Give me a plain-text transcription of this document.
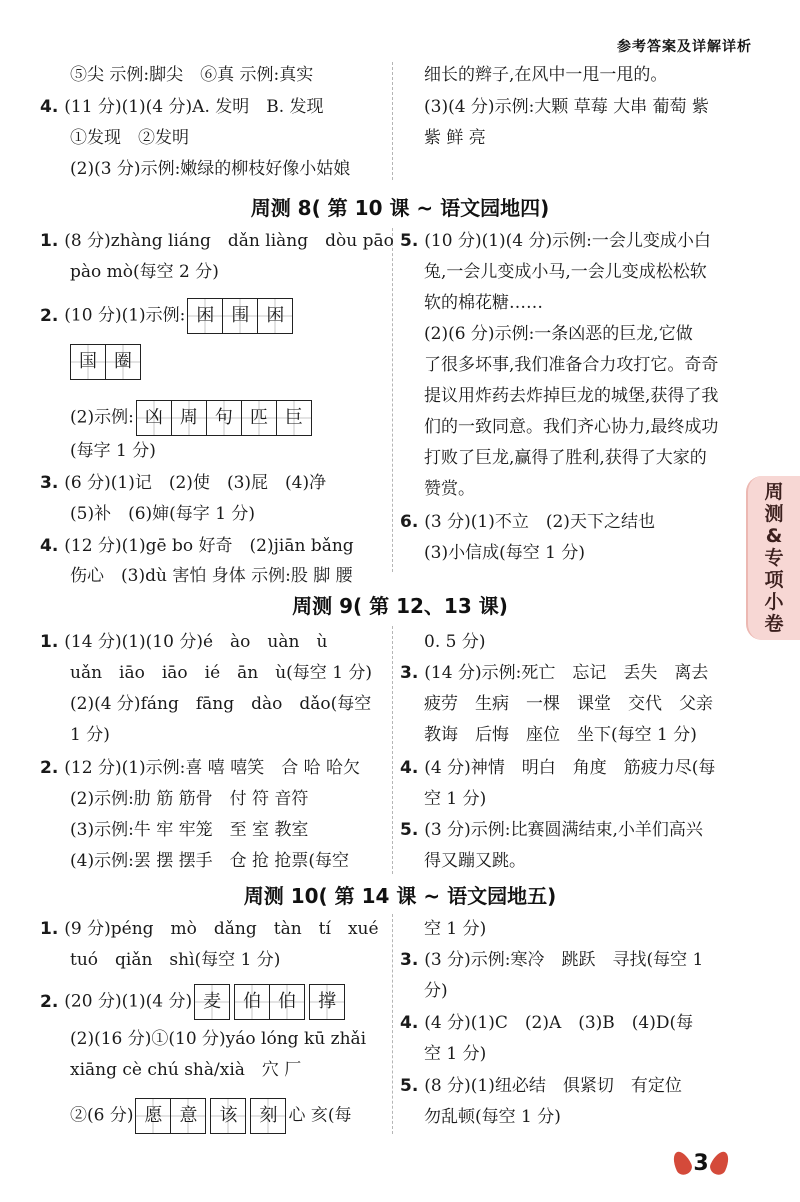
参考答案及详解详析
周
测
&
专
项
小
卷
⑤尖 示例:脚尖　⑥真 示例:真实
4. (11 分)(1)(4 分)A. 发明　B. 发现
①发现　②发明
(2)(3 分)示例:嫩绿的柳枝好像小姑娘
细长的辫子,在风中一甩一甩的。
(3)(4 分)示例:大颗 草莓 大串 葡萄 紫
紫 鲜 亮
周测 8( 第 10 课 ~ 语文园地四)
1. (8 分)zhàng liáng　dǎn liàng　dòu pāo
pào mò(每空 2 分)
2. (10 分)(1)示例: 困 围 困
国 圈
(2)示例: 凶 周 句 匹 巨
(每字 1 分)
3. (6 分)(1)记　(2)使　(3)屁　(4)净
(5)补　(6)婶(每字 1 分)
4. (12 分)(1)gē bo 好奇　(2)jiān bǎng
伤心　(3)dù 害怕 身体 示例:股 脚 腰
5. (10 分)(1)(4 分)示例:一会儿变成小白
兔,一会儿变成小马,一会儿变成松松软
软的棉花糖……
(2)(6 分)示例:一条凶恶的巨龙,它做
了很多坏事,我们准备合力攻打它。奇奇
提议用炸药去炸掉巨龙的城堡,获得了我
们的一致同意。我们齐心协力,最终成功
打败了巨龙,赢得了胜利,获得了大家的
赞赏。
6. (3 分)(1)不立　(2)天下之结也
(3)小信成(每空 1 分)
周测 9( 第 12、13 课)
1. (14 分)(1)(10 分)é　ào　uàn　ù
uǎn　iāo　iāo　ié　ān　ù(每空 1 分)
(2)(4 分)fáng　fāng　dào　dǎo(每空
1 分)
2. (12 分)(1)示例:喜 嘻 嘻笑　合 哈 哈欠
(2)示例:肋 筋 筋骨　付 符 音符
(3)示例:牛 牢 牢笼　至 室 教室
(4)示例:罢 摆 摆手　仓 抢 抢票(每空
0. 5 分)
3. (14 分)示例:死亡　忘记　丢失　离去
疲劳　生病　一棵　课堂　交代　父亲
教诲　后悔　座位　坐下(每空 1 分)
4. (4 分)神情　明白　角度　筋疲力尽(每
空 1 分)
5. (3 分)示例:比赛圆满结束,小羊们高兴
得又蹦又跳。
周测 10( 第 14 课 ~ 语文园地五)
1. (9 分)péng　mò　dǎng　tàn　tí　xué
tuó　qiǎn　shì(每空 1 分)
2. (20 分)(1)(4 分) 麦	伯 伯	撑
(2)(16 分)①(10 分)yáo lóng kū zhǎi
xiāng cè chú shà/xià　穴 厂
②(6 分) 愿 意	该	刻 心 亥(每
空 1 分)
3. (3 分)示例:寒冷　跳跃　寻找(每空 1
分)
4. (4 分)(1)C　(2)A　(3)B　(4)D(每
空 1 分)
5. (8 分)(1)纽必结　俱紧切　有定位
勿乱顿(每空 1 分)
3
